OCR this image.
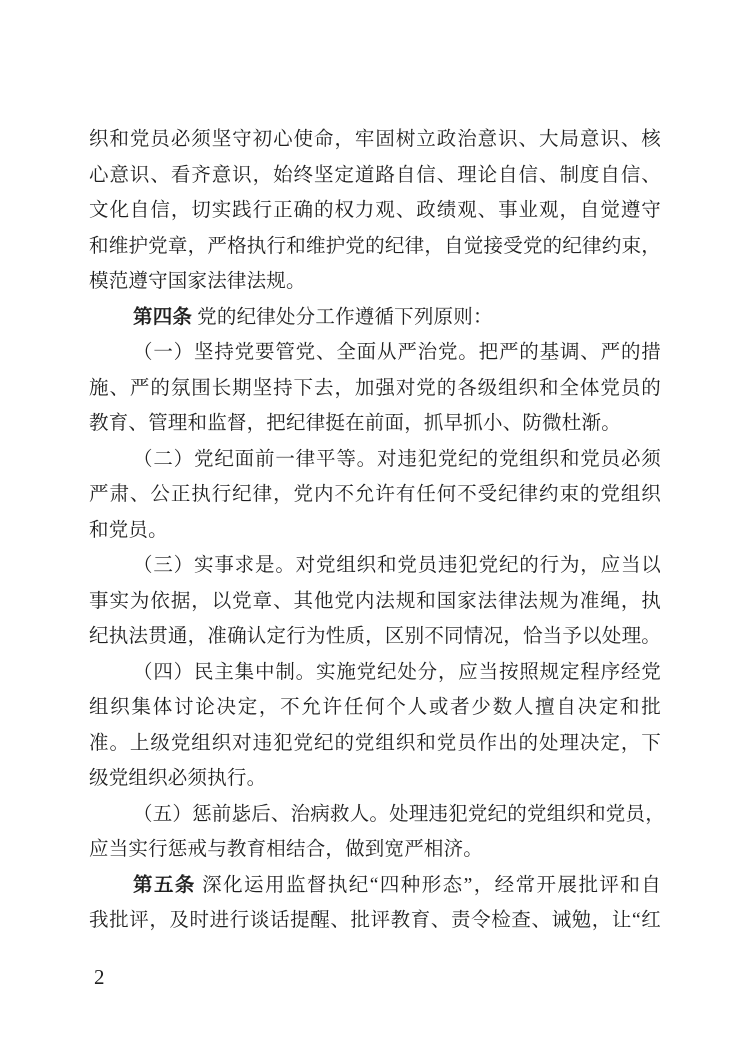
织和党员必须坚守初心使命，牢固树立政治意识、大局意识、核
心意识、看齐意识，始终坚定道路自信、理论自信、制度自信、
文化自信，切实践行正确的权力观、政绩观、事业观，自觉遵守
和维护党章，严格执行和维护党的纪律，自觉接受党的纪律约束，
模范遵守国家法律法规。
第四条 党的纪律处分工作遵循下列原则：
（一）坚持党要管党、全面从严治党。把严的基调、严的措
施、严的氛围长期坚持下去，加强对党的各级组织和全体党员的
教育、管理和监督，把纪律挺在前面，抓早抓小、防微杜渐。
（二）党纪面前一律平等。对违犯党纪的党组织和党员必须
严肃、公正执行纪律，党内不允许有任何不受纪律约束的党组织
和党员。
（三）实事求是。对党组织和党员违犯党纪的行为，应当以
事实为依据，以党章、其他党内法规和国家法律法规为准绳，执
纪执法贯通，准确认定行为性质，区别不同情况，恰当予以处理。
（四）民主集中制。实施党纪处分，应当按照规定程序经党
组织集体讨论决定，不允许任何个人或者少数人擅自决定和批
准。上级党组织对违犯党纪的党组织和党员作出的处理决定，下
级党组织必须执行。
（五）惩前毖后、治病救人。处理违犯党纪的党组织和党员，
应当实行惩戒与教育相结合，做到宽严相济。
第五条 深化运用监督执纪“四种形态”，经常开展批评和自
我批评，及时进行谈话提醒、批评教育、责令检查、诫勉，让“红
2
